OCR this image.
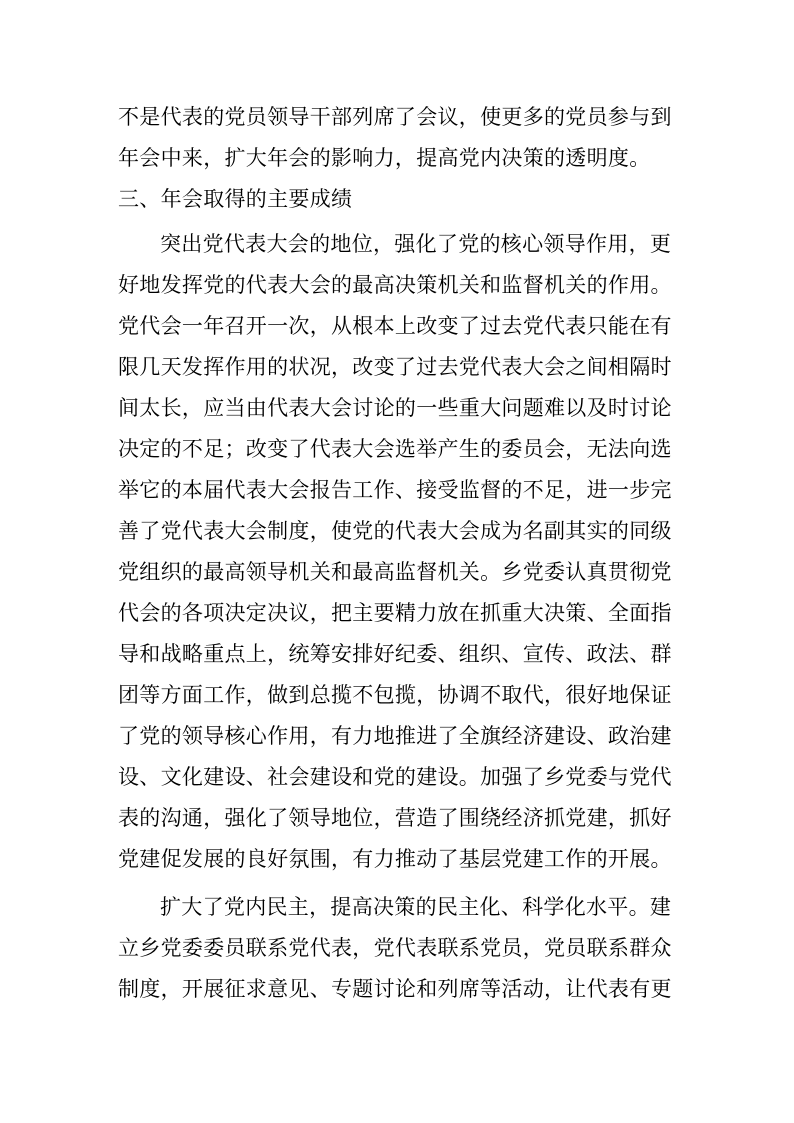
不是代表的党员领导干部列席了会议，使更多的党员参与到
年会中来，扩大年会的影响力，提高党内决策的透明度。
三、年会取得的主要成绩
突出党代表大会的地位，强化了党的核心领导作用，更
好地发挥党的代表大会的最高决策机关和监督机关的作用。
党代会一年召开一次，从根本上改变了过去党代表只能在有
限几天发挥作用的状况，改变了过去党代表大会之间相隔时
间太长，应当由代表大会讨论的一些重大问题难以及时讨论
决定的不足；改变了代表大会选举产生的委员会，无法向选
举它的本届代表大会报告工作、接受监督的不足，进一步完
善了党代表大会制度，使党的代表大会成为名副其实的同级
党组织的最高领导机关和最高监督机关。乡党委认真贯彻党
代会的各项决定决议，把主要精力放在抓重大决策、全面指
导和战略重点上，统筹安排好纪委、组织、宣传、政法、群
团等方面工作，做到总揽不包揽，协调不取代，很好地保证
了党的领导核心作用，有力地推进了全旗经济建设、政治建
设、文化建设、社会建设和党的建设。加强了乡党委与党代
表的沟通，强化了领导地位，营造了围绕经济抓党建，抓好
党建促发展的良好氛围，有力推动了基层党建工作的开展。
扩大了党内民主，提高决策的民主化、科学化水平。建
立乡党委委员联系党代表，党代表联系党员，党员联系群众
制度，开展征求意见、专题讨论和列席等活动，让代表有更
